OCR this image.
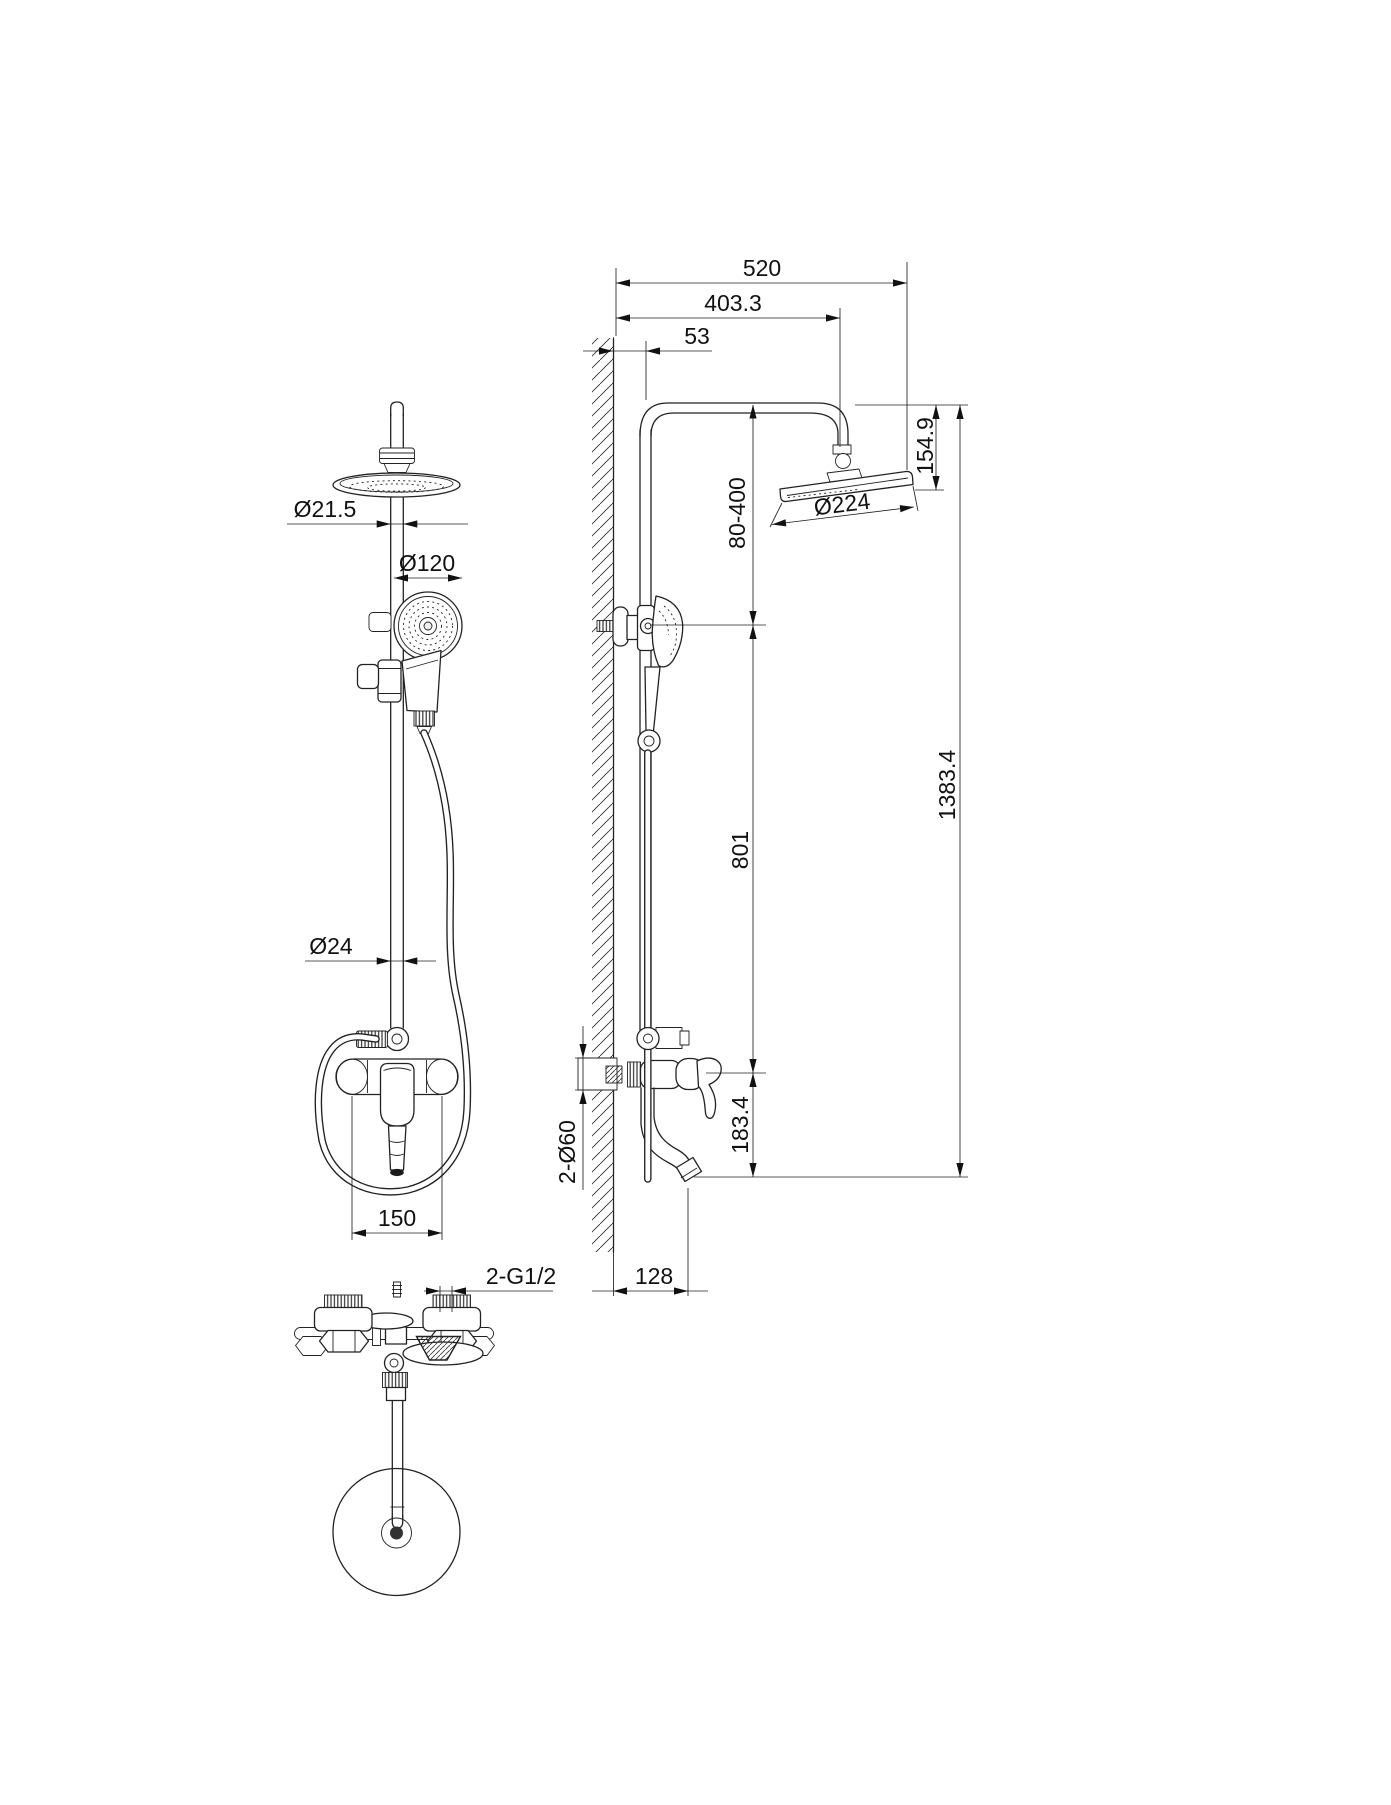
520
403.3
53
154.9
Ø224
80-400
801
183.4
1383.4
Ø21.5
Ø120
Ø24
2-Ø60
150
128
2-G1/2
